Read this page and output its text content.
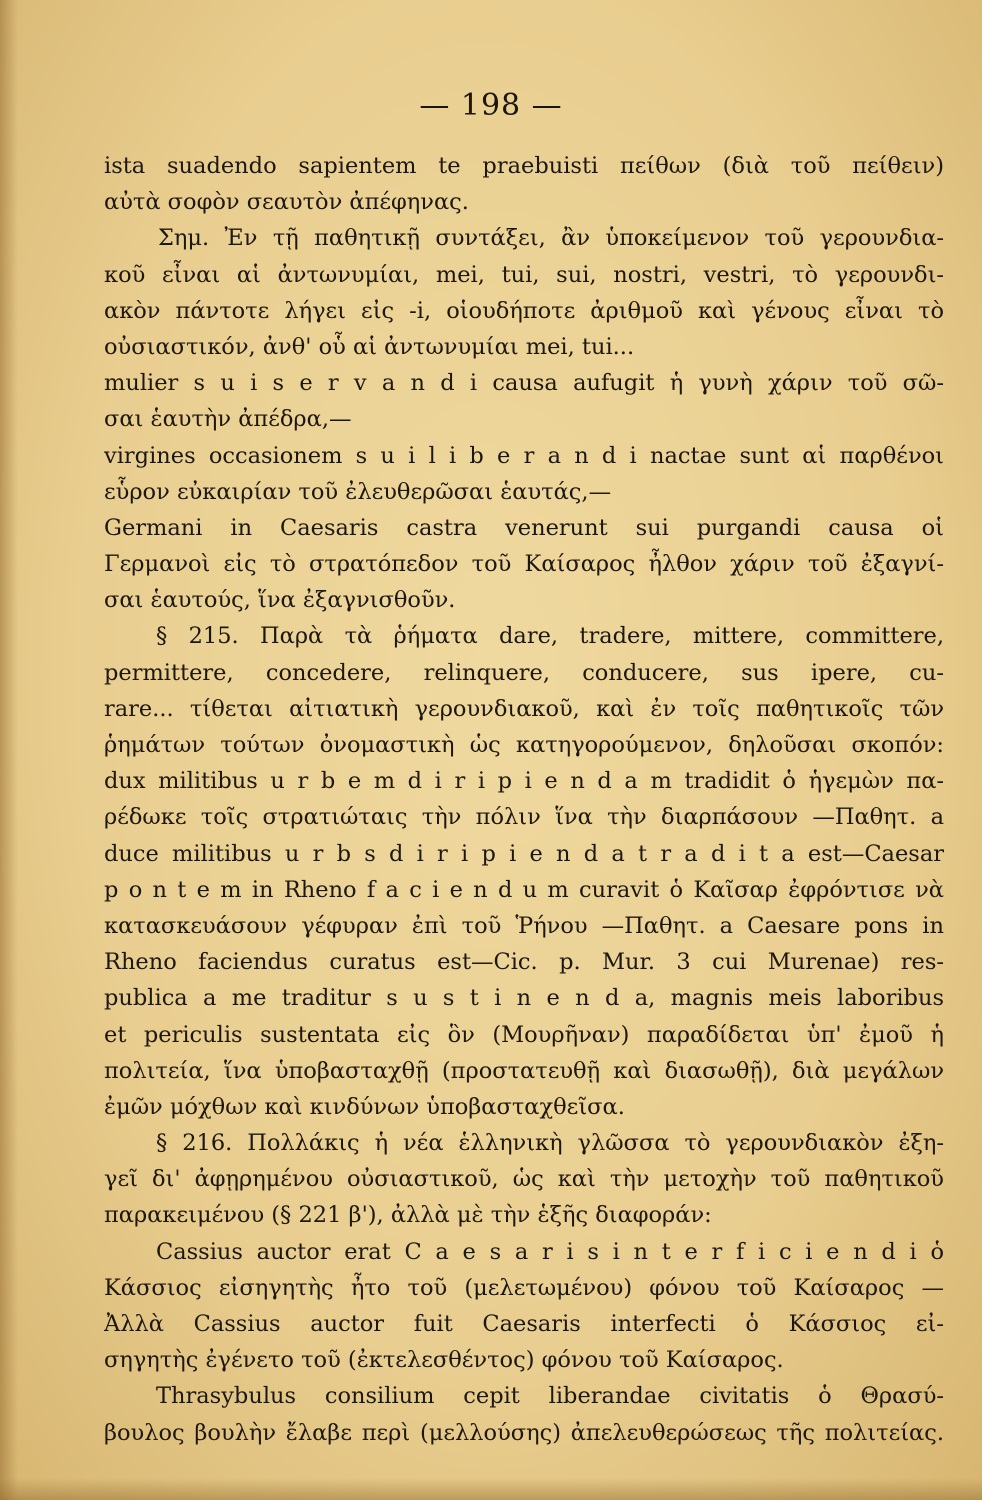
— 198 —
ista suadendo sapientem te praebuisti πείθων (διὰ τοῦ πείθειν)
αὐτὰ σοφὸν σεαυτὸν ἀπέφηνας.
Σημ. Ἐν τῇ παθητικῇ συντάξει, ἂν ὑποκείμενον τοῦ γερουνδια-
κοῦ εἶναι αἱ ἀντωνυμίαι, mei, tui, sui, nostri, vestri, τὸ γερουνδι-
ακὸν πάντοτε λήγει εἰς -i, οἱουδήποτε ἀριθμοῦ καὶ γένους εἶναι τὸ
οὐσιαστικόν, ἀνθ' οὗ αἱ ἀντωνυμίαι mei, tui...
mulier s u i s e r v a n d i causa aufugit ἡ γυνὴ χάριν τοῦ σῶ-
σαι ἑαυτὴν ἀπέδρα,—
virgines occasionem s u i l i b e r a n d i nactae sunt αἱ παρθένοι
εὗρον εὐκαιρίαν τοῦ ἐλευθερῶσαι ἑαυτάς,—
Germani in Caesaris castra venerunt sui purgandi causa οἱ
Γερμανοὶ εἰς τὸ στρατόπεδον τοῦ Καίσαρος ἦλθον χάριν τοῦ ἐξαγνί-
σαι ἑαυτούς, ἵνα ἐξαγνισθοῦν.
§ 215. Παρὰ τὰ ῥήματα dare, tradere, mittere, committere,
permittere, concedere, relinquere, conducere, sus ipere, cu-
rare... τίθεται αἰτιατικὴ γερουνδιακοῦ, καὶ ἐν τοῖς παθητικοῖς τῶν
ῥημάτων τούτων ὀνομαστικὴ ὡς κατηγορούμενον, δηλοῦσαι σκοπόν:
dux militibus u r b e m d i r i p i e n d a m tradidit ὁ ἡγεμὼν πα-
ρέδωκε τοῖς στρατιώταις τὴν πόλιν ἵνα τὴν διαρπάσουν —Παθητ. a
duce militibus u r b s d i r i p i e n d a t r a d i t a est—Caesar
p o n t e m in Rheno f a c i e n d u m curavit ὁ Καῖσαρ ἐφρόντισε νὰ
κατασκευάσουν γέφυραν ἐπὶ τοῦ Ῥήνου —Παθητ. a Caesare pons in
Rheno faciendus curatus est—Cic. p. Mur. 3 cui Murenae) res-
publica a me traditur s u s t i n e n d a, magnis meis laboribus
et periculis sustentata εἰς ὃν (Μουρῆναν) παραδίδεται ὑπ' ἐμοῦ ἡ
πολιτεία, ἵνα ὑποβασταχθῇ (προστατευθῇ καὶ διασωθῇ), διὰ μεγάλων
ἐμῶν μόχθων καὶ κινδύνων ὑποβασταχθεῖσα.
§ 216. Πολλάκις ἡ νέα ἑλληνικὴ γλῶσσα τὸ γερουνδιακὸν ἐξη-
γεῖ δι' ἀφῃρημένου οὐσιαστικοῦ, ὡς καὶ τὴν μετοχὴν τοῦ παθητικοῦ
παρακειμένου (§ 221 β'), ἀλλὰ μὲ τὴν ἑξῆς διαφοράν:
Cassius auctor erat C a e s a r i s i n t e r f i c i e n d i ὁ
Κάσσιος εἰσηγητὴς ἦτο τοῦ (μελετωμένου) φόνου τοῦ Καίσαρος —
Ἀλλὰ Cassius auctor fuit Caesaris interfecti ὁ Κάσσιος εἰ-
σηγητὴς ἐγένετο τοῦ (ἐκτελεσθέντος) φόνου τοῦ Καίσαρος.
Thrasybulus consilium cepit liberandae civitatis ὁ Θρασύ-
βουλος βουλὴν ἔλαβε περὶ (μελλούσης) ἀπελευθερώσεως τῆς πολιτείας.
